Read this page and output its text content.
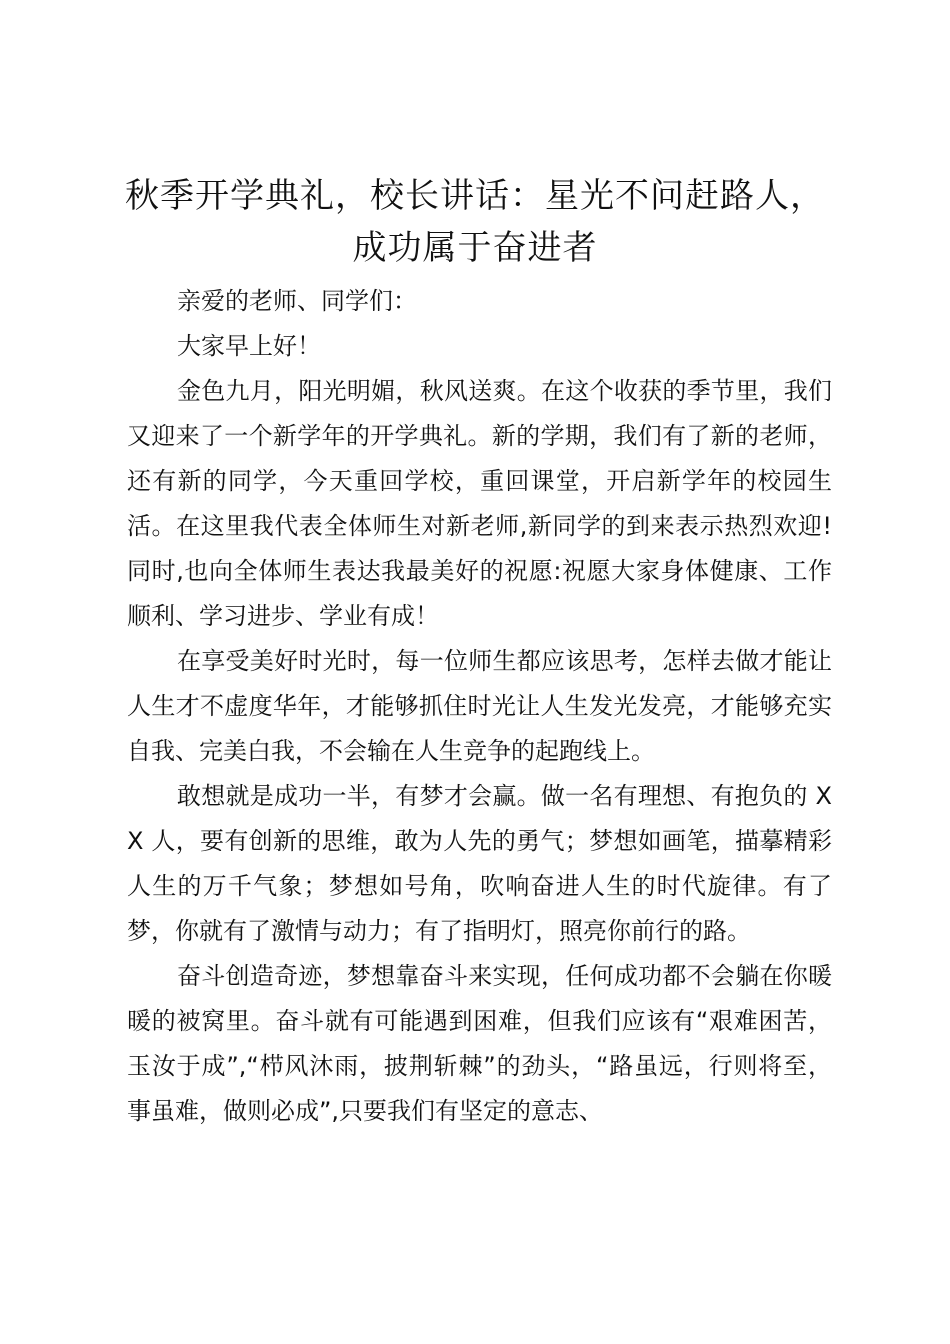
秋季开学典礼，校长讲话：星光不问赶路人，
成功属于奋进者

亲爱的老师、同学们：

大家早上好！

金色九月，阳光明媚，秋风送爽。在这个收获的季节里，我们又迎来了一个新学年的开学典礼。新的学期，我们有了新的老师，还有新的同学，今天重回学校，重回课堂，开启新学年的校园生活。在这里我代表全体师生对新老师,新同学的到来表示热烈欢迎!同时,也向全体师生表达我最美好的祝愿:祝愿大家身体健康、工作顺利、学习进步、学业有成！

在享受美好时光时，每一位师生都应该思考，怎样去做才能让人生才不虚度华年，才能够抓住时光让人生发光发亮，才能够充实自我、完美白我，不会输在人生竞争的起跑线上。

敢想就是成功一半，有梦才会赢。做一名有理想、有抱负的 XX 人，要有创新的思维，敢为人先的勇气；梦想如画笔，描摹精彩人生的万千气象；梦想如号角，吹响奋进人生的时代旋律。有了梦，你就有了激情与动力；有了指明灯，照亮你前行的路。

奋斗创造奇迹，梦想靠奋斗来实现，任何成功都不会躺在你暖暖的被窝里。奋斗就有可能遇到困难，但我们应该有“艰难困苦，玉汝于成”,“栉风沐雨，披荆斩棘”的劲头，“路虽远，行则将至，事虽难，做则必成”,只要我们有坚定的意志、
